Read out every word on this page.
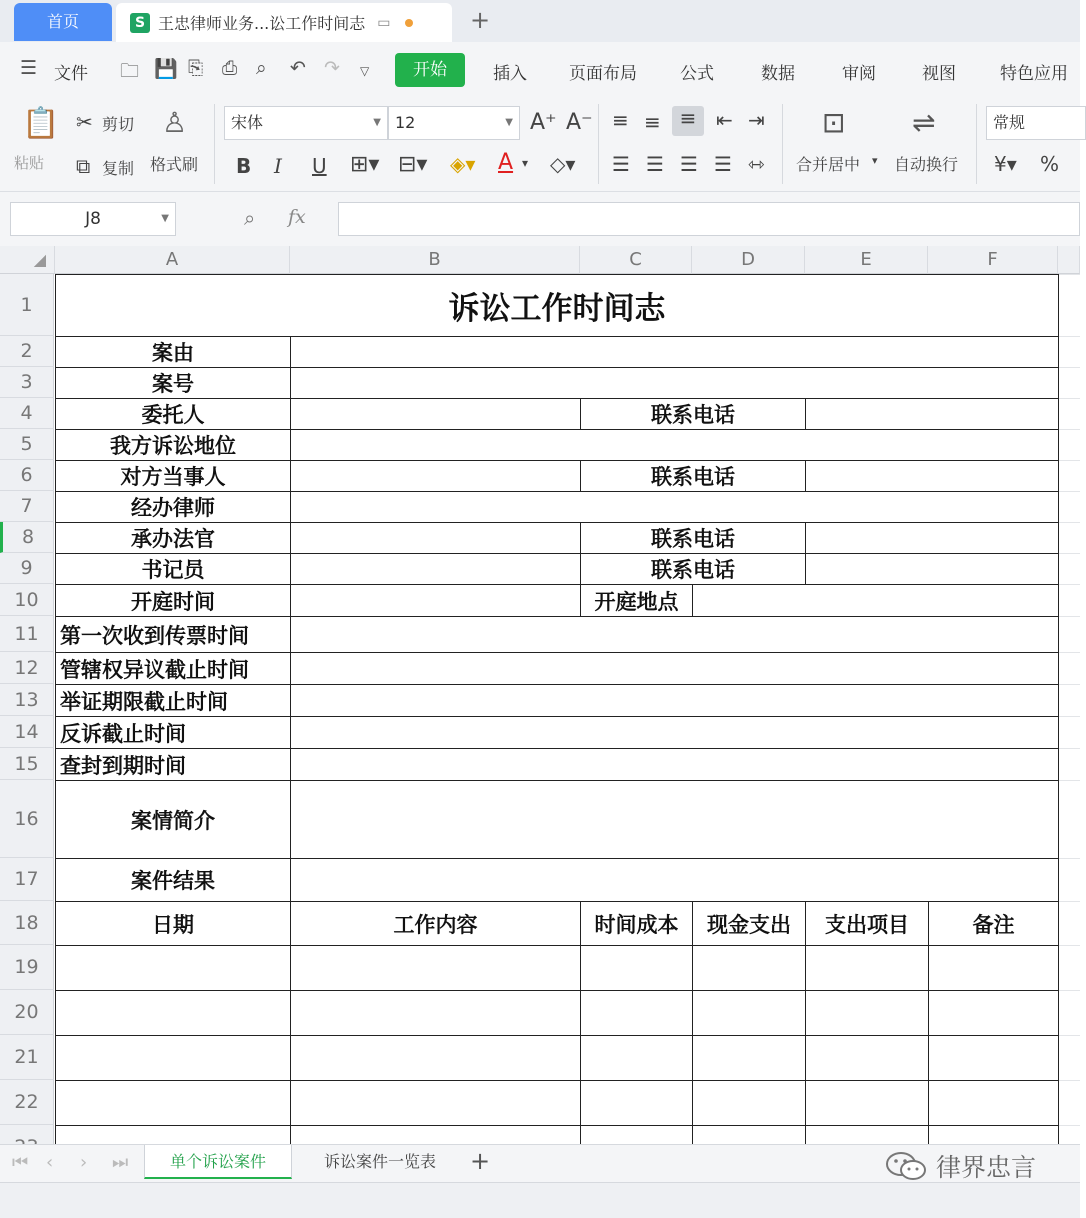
首页	S 王忠律师业务...讼工作时间志 ▭	+
☰ 文件 🗀 💾 ⎘ ⎙ ⌕ ↶ ↷ ▽	开始	插入 页面布局	公式	数据	审阅	视图	特色应用
📋
粘贴
✂ 剪切
⧉ 复制
♙
格式刷
宋体	▼ 12	▼ A⁺ A⁻
B I U ⊞▾ ⊟▾ ◈▾ A ▾ ◇▾
≡ ≡ ≡ ⇤ ⇥
☰ ☰ ☰ ☰ ⇿
⊡
合并居中 ▾
⇌
自动换行
常规
¥▾ %
J8	▼	⌕ fx
◢	A	B	C	D	E	F
1
2
3
4
5
6
7
8
9
10
11
12
13
14
15
16
17
18
19
20
21
22
诉讼工作时间志
案由
案号
委托人	联系电话
我方诉讼地位
对方当事人	联系电话
经办律师
承办法官	联系电话
书记员	联系电话
开庭时间	开庭地点
第一次收到传票时间
管辖权异议截止时间
举证期限截止时间
反诉截止时间
查封到期时间
案情简介
案件结果
日期	工作内容	时间成本	现金支出	支出项目	备注
⏮ ‹ › ⏭	单个诉讼案件	诉讼案件一览表	+	律界忠言
